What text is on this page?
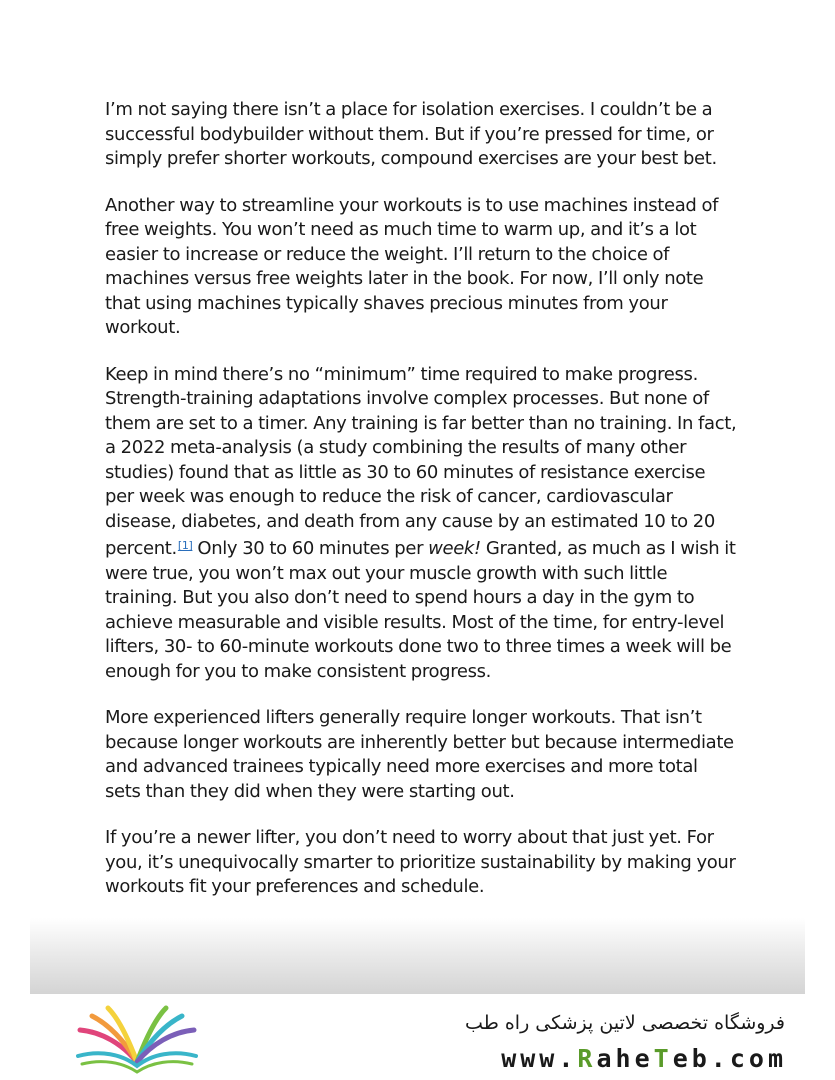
I’m not saying there isn’t a place for isolation exercises. I couldn’t be a successful bodybuilder without them. But if you’re pressed for time, or simply prefer shorter workouts, compound exercises are your best bet.

Another way to streamline your workouts is to use machines instead of free weights. You won’t need as much time to warm up, and it’s a lot easier to increase or reduce the weight. I’ll return to the choice of machines versus free weights later in the book. For now, I’ll only note that using machines typically shaves precious minutes from your workout.

Keep in mind there’s no “minimum” time required to make progress. Strength-training adaptations involve complex processes. But none of them are set to a timer. Any training is far better than no training. In fact, a 2022 meta-analysis (a study combining the results of many other studies) found that as little as 30 to 60 minutes of resistance exercise per week was enough to reduce the risk of cancer, cardiovascular disease, diabetes, and death from any cause by an estimated 10 to 20 percent.[1] Only 30 to 60 minutes per week! Granted, as much as I wish it were true, you won’t max out your muscle growth with such little training. But you also don’t need to spend hours a day in the gym to achieve measurable and visible results. Most of the time, for entry-level lifters, 30- to 60-minute workouts done two to three times a week will be enough for you to make consistent progress.

More experienced lifters generally require longer workouts. That isn’t because longer workouts are inherently better but because intermediate and advanced trainees typically need more exercises and more total sets than they did when they were starting out.

If you’re a newer lifter, you don’t need to worry about that just yet. For you, it’s unequivocally smarter to prioritize sustainability by making your workouts fit your preferences and schedule.

فروشگاه تخصصی لاتین پزشکی راه طب
www.RaheTeb.com
